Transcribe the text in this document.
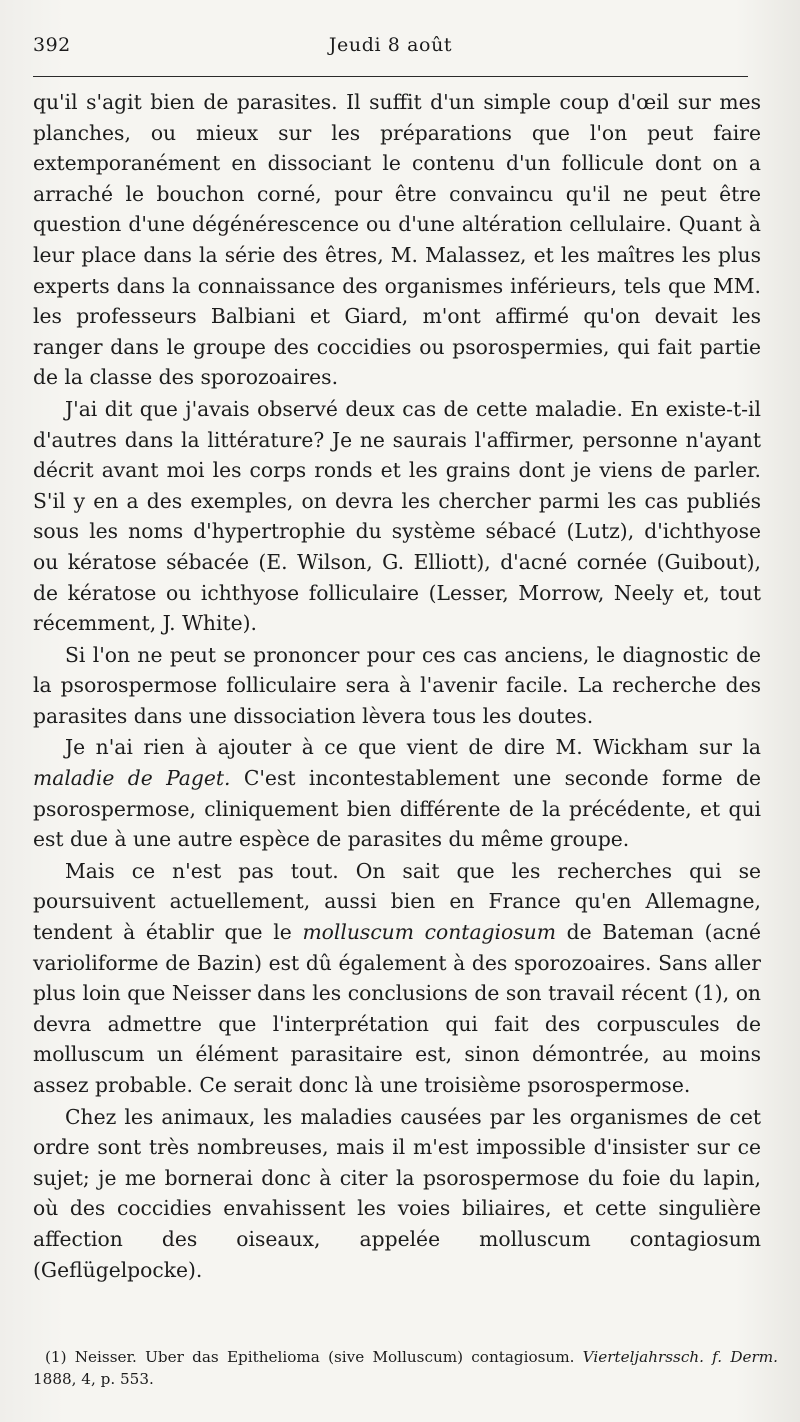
392	Jeudi 8 août

qu'il s'agit bien de parasites. Il suffit d'un simple coup d'œil sur mes planches, ou mieux sur les préparations que l'on peut faire extemporanément en dissociant le contenu d'un follicule dont on a arraché le bouchon corné, pour être convaincu qu'il ne peut être question d'une dégénérescence ou d'une altération cellulaire. Quant à leur place dans la série des êtres, M. Malassez, et les maîtres les plus experts dans la connaissance des organismes inférieurs, tels que MM. les professeurs Balbiani et Giard, m'ont affirmé qu'on devait les ranger dans le groupe des coccidies ou psorospermies, qui fait partie de la classe des sporozoaires.

J'ai dit que j'avais observé deux cas de cette maladie. En existe-t-il d'autres dans la littérature? Je ne saurais l'affirmer, personne n'ayant décrit avant moi les corps ronds et les grains dont je viens de parler. S'il y en a des exemples, on devra les chercher parmi les cas publiés sous les noms d'hypertrophie du système sébacé (Lutz), d'ichthyose ou kératose sébacée (E. Wilson, G. Elliott), d'acné cornée (Guibout), de kératose ou ichthyose folliculaire (Lesser, Morrow, Neely et, tout récemment, J. White).

Si l'on ne peut se prononcer pour ces cas anciens, le diagnostic de la psorospermose folliculaire sera à l'avenir facile. La recherche des parasites dans une dissociation lèvera tous les doutes.

Je n'ai rien à ajouter à ce que vient de dire M. Wickham sur la maladie de Paget. C'est incontestablement une seconde forme de psorospermose, cliniquement bien différente de la précédente, et qui est due à une autre espèce de parasites du même groupe.

Mais ce n'est pas tout. On sait que les recherches qui se poursuivent actuellement, aussi bien en France qu'en Allemagne, tendent à établir que le molluscum contagiosum de Bateman (acné varioliforme de Bazin) est dû également à des sporozoaires. Sans aller plus loin que Neisser dans les conclusions de son travail récent (1), on devra admettre que l'interprétation qui fait des corpuscules de molluscum un élément parasitaire est, sinon démontrée, au moins assez probable. Ce serait donc là une troisième psorospermose.

Chez les animaux, les maladies causées par les organismes de cet ordre sont très nombreuses, mais il m'est impossible d'insister sur ce sujet; je me bornerai donc à citer la psorospermose du foie du lapin, où des coccidies envahissent les voies biliaires, et cette singulière affection des oiseaux, appelée molluscum contagiosum (Geflügelpocke).

(1) Neisser. Uber das Epithelioma (sive Molluscum) contagiosum. Vierteljahrssch. f. Derm. 1888, 4, p. 553.
